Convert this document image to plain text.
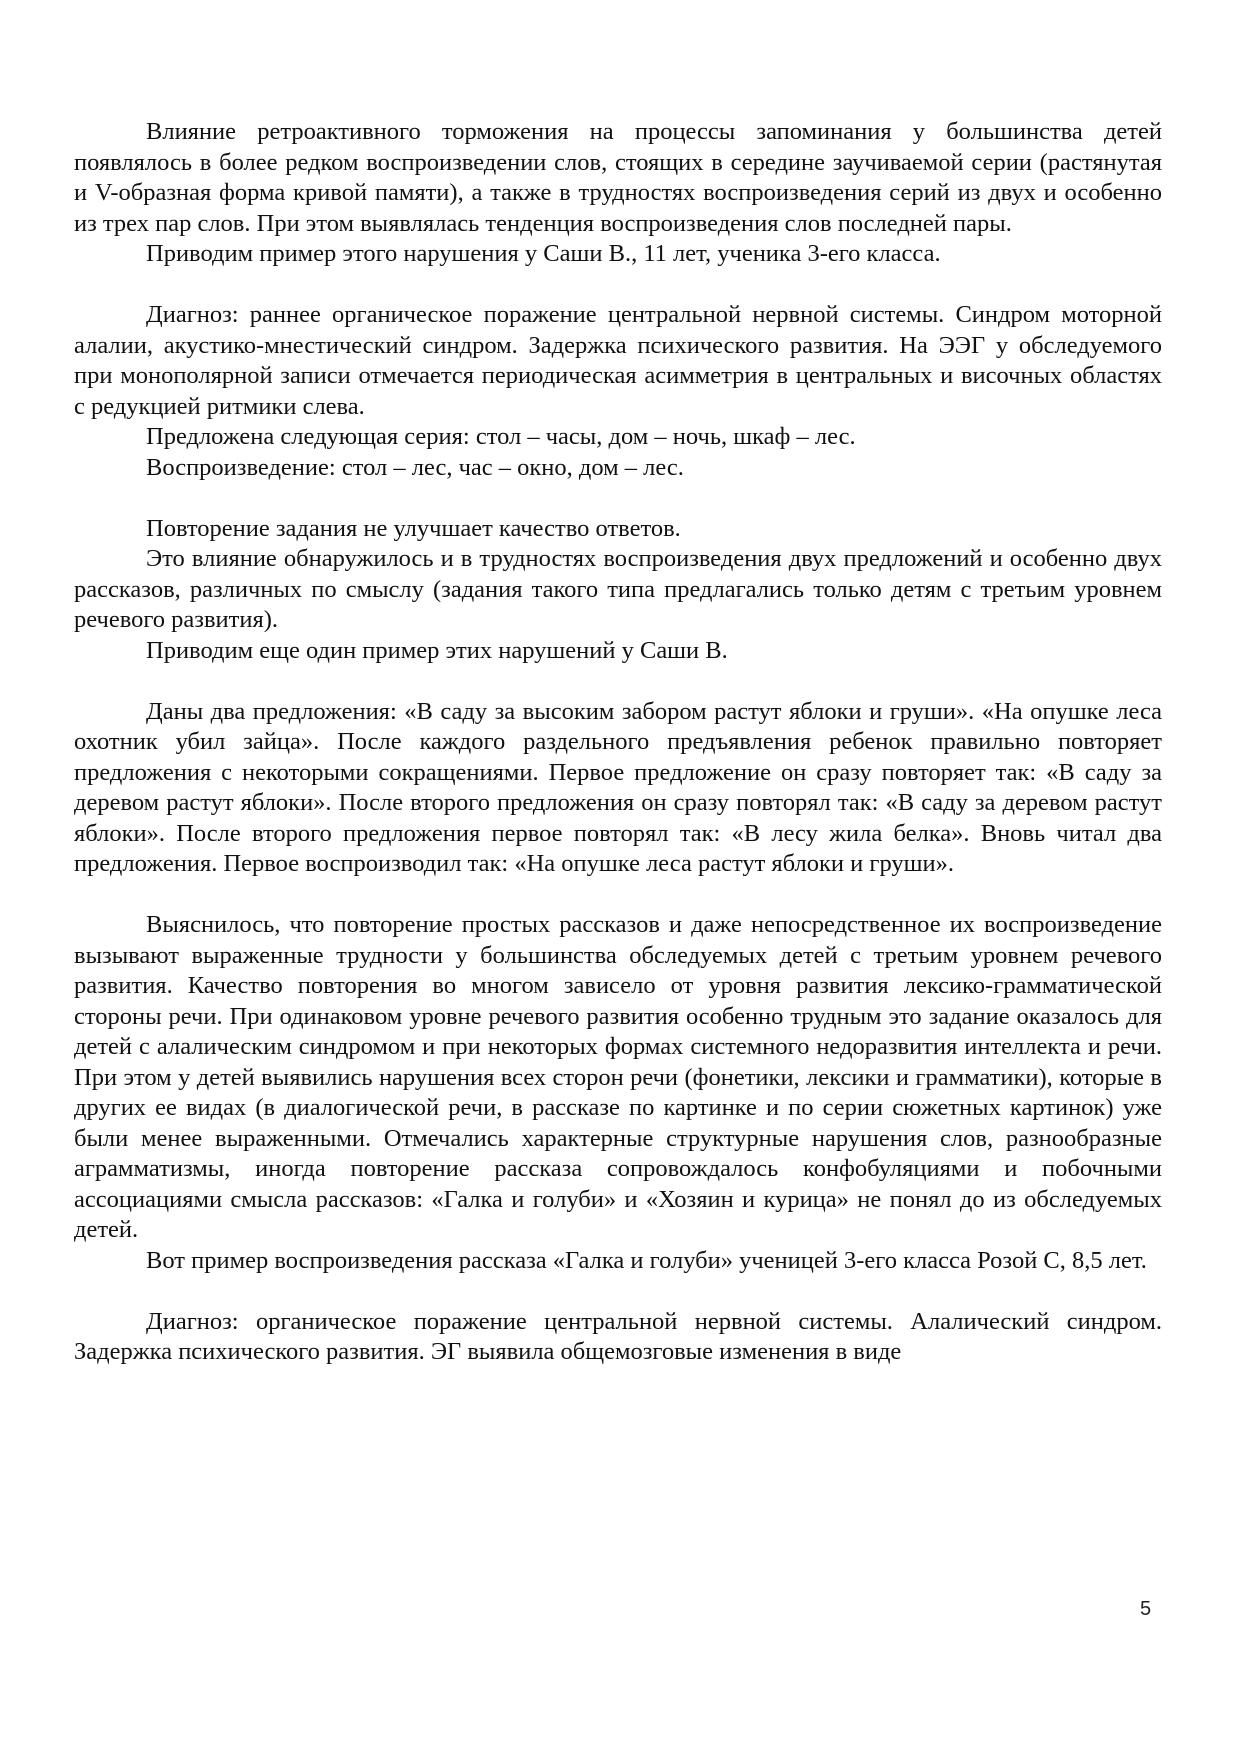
Влияние ретроактивного торможения на процессы запоминания у большинства детей появлялось в более редком воспроизведении слов, стоящих в середине заучиваемой серии (растянутая и V-образная форма кривой памяти), а также в трудностях воспроизведения серий из двух и особенно из трех пар слов. При этом выявлялась тенденция воспроизведения слов последней пары.

Приводим пример этого нарушения у Саши В., 11 лет, ученика 3-его класса.

Диагноз: раннее органическое поражение центральной нервной системы. Синдром моторной алалии, акустико-мнестический синдром. Задержка психического развития. На ЭЭГ у обследуемого при монополярной записи отмечается периодическая асимметрия в центральных и височных областях с редукцией ритмики слева.

Предложена следующая серия: стол – часы, дом – ночь, шкаф – лес.

Воспроизведение: стол – лес, час – окно, дом – лес.

Повторение задания не улучшает качество ответов.

Это влияние обнаружилось и в трудностях воспроизведения двух предложений и особенно двух рассказов, различных по смыслу (задания такого типа предлагались только детям с третьим уровнем речевого развития).

Приводим еще один пример этих нарушений у Саши В.

Даны два предложения: «В саду за высоким забором растут яблоки и груши». «На опушке леса охотник убил зайца». После каждого раздельного предъявления ребенок правильно повторяет предложения с некоторыми сокращениями. Первое предложение он сразу повторяет так: «В саду за деревом растут яблоки». После второго предложения он сразу повторял так: «В саду за деревом растут яблоки». После второго предложения первое повторял так: «В лесу жила белка». Вновь читал два предложения. Первое воспроизводил так: «На опушке леса растут яблоки и груши».

Выяснилось, что повторение простых рассказов и даже непосредственное их воспроизведение вызывают выраженные трудности у большинства обследуемых детей с третьим уровнем речевого развития. Качество повторения во многом зависело от уровня развития лексико-грамматической стороны речи. При одинаковом уровне речевого развития особенно трудным это задание оказалось для детей с алалическим синдромом и при некоторых формах системного недоразвития интеллекта и речи. При этом у детей выявились нарушения всех сторон речи (фонетики, лексики и грамматики), которые в других ее видах (в диалогической речи, в рассказе по картинке и по серии сюжетных картинок) уже были менее выраженными. Отмечались характерные структурные нарушения слов, разнообразные аграмматизмы, иногда повторение рассказа сопровождалось конфобуляциями и побочными ассоциациями смысла рассказов: «Галка и голуби» и «Хозяин и курица» не понял до из обследуемых детей.

Вот пример воспроизведения рассказа «Галка и голуби» ученицей 3-его класса Розой С, 8,5 лет.

Диагноз: органическое поражение центральной нервной системы. Алалический синдром. Задержка психического развития. ЭГ выявила общемозговые изменения в виде

5
